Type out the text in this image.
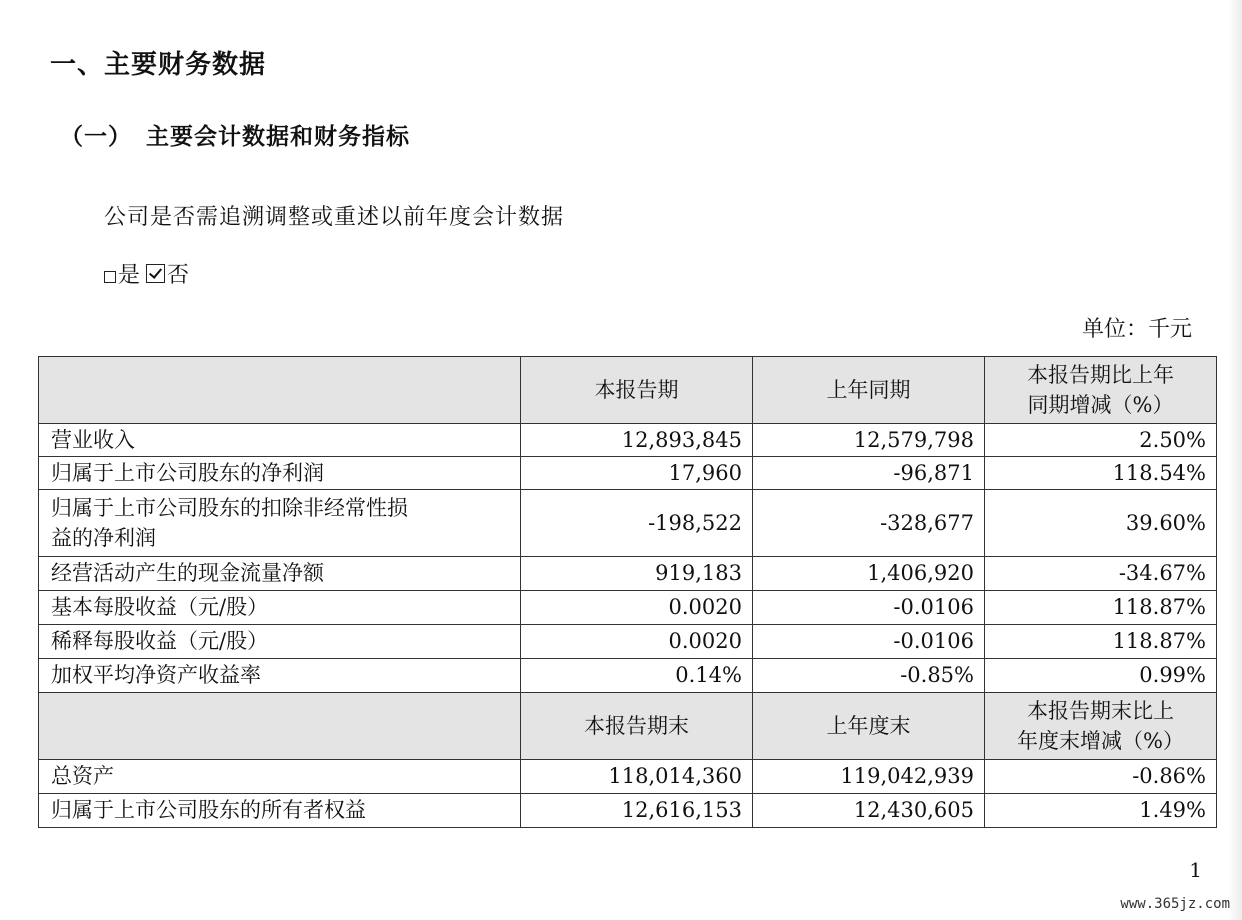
一、主要财务数据
（一） 主要会计数据和财务指标
公司是否需追溯调整或重述以前年度会计数据
是 否
单位：千元
	本报告期	上年同期	本报告期比上年
同期增减（%）

营业收入	12,893,845	12,579,798	2.50%
归属于上市公司股东的净利润	17,960	-96,871	118.54%

归属于上市公司股东的扣除非经常性损
益的净利润	-198,522	-328,677	39.60%
经营活动产生的现金流量净额	919,183	1,406,920	-34.67%
基本每股收益（元/股）	0.0020	-0.0106	118.87%
稀释每股收益（元/股）	0.0020	-0.0106	118.87%
加权平均净资产收益率	0.14%	-0.85%	0.99%
	本报告期末	上年度末	本报告期末比上
年度末增减（%）

总资产	118,014,360	119,042,939	-0.86%
归属于上市公司股东的所有者权益	12,616,153	12,430,605	1.49%
1
www.365jz.com
